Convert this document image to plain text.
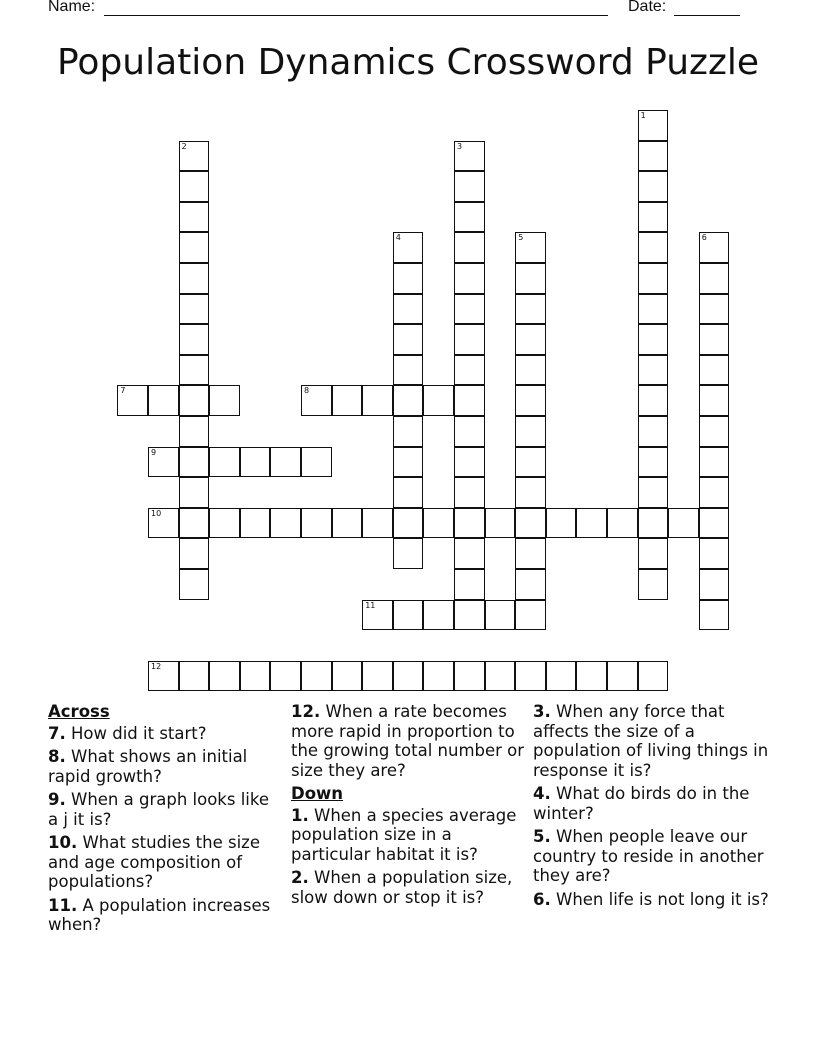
Name:	Date:
Population Dynamics Crossword Puzzle
1
2	3
4	5	6
7	8
9
10
11
12
Across
7. How did it start?
8. What shows an initial rapid growth?
9. When a graph looks like a j it is?
10. What studies the size and age composition of populations?
11. A population increases when?
12. When a rate becomes more rapid in proportion to the growing total number or size they are?
Down
1. When a species average population size in a particular habitat it is?
2. When a population size, slow down or stop it is?
3. When any force that affects the size of a population of living things in response it is?
4. What do birds do in the winter?
5. When people leave our country to reside in another they are?
6. When life is not long it is?
